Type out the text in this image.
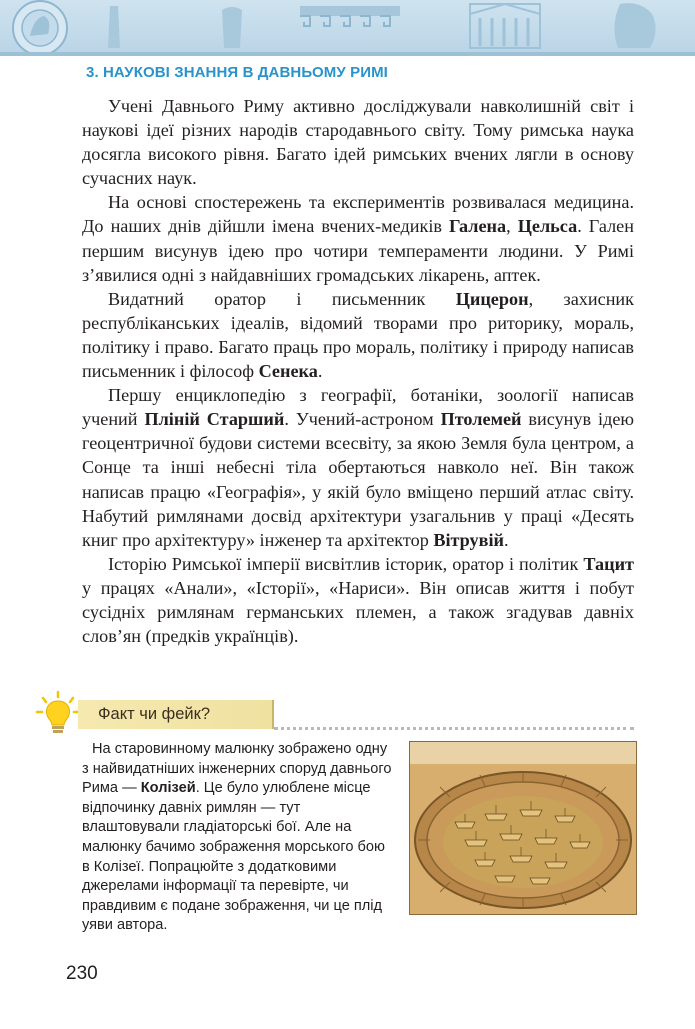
3. НАУКОВІ ЗНАННЯ В ДАВНЬОМУ РИМІ

Учені Давнього Риму активно досліджували навколишній світ і наукові ідеї різних народів стародавнього світу. Тому римська наука досягла високого рівня. Багато ідей римських вчених лягли в основу сучасних наук.

На основі спостережень та експериментів розвивалася медицина. До наших днів дійшли імена вчених-медиків Галена, Цельса. Гален першим висунув ідею про чотири темпераменти людини. У Римі з’явилися одні з найдавніших громадських лікарень, аптек.

Видатний оратор і письменник Цицерон, захисник республіканських ідеалів, відомий творами про риторику, мораль, політику і право. Багато праць про мораль, політику і природу написав письменник і філософ Сенека.

Першу енциклопедію з географії, ботаніки, зоології написав учений Пліній Старший. Учений-астроном Птолемей висунув ідею геоцентричної будови системи всесвіту, за якою Земля була центром, а Сонце та інші небесні тіла обертаються навколо неї. Він також написав працю «Географія», у якій було вміщено перший атлас світу. Набутий римлянами досвід архітектури узагальнив у праці «Десять книг про архітектуру» інженер та архітектор Вітрувій.

Історію Римської імперії висвітлив історик, оратор і політик Тацит у працях «Анали», «Історії», «Нариси». Він описав життя і побут сусідніх римлянам германських племен, а також згадував давніх слов’ян (предків українців).

Факт чи фейк?

На старовинному малюнку зображено одну з найвидатніших інженерних споруд давнього Рима — Колізей. Це було улюблене місце відпочинку давніх римлян — тут влаштовували гладіаторські бої. Але на малюнку бачимо зображення морського бою в Колізеї. Попрацюйте з додатковими джерелами інформації та перевірте, чи правдивим є подане зображення, чи це плід уяви автора.

230
